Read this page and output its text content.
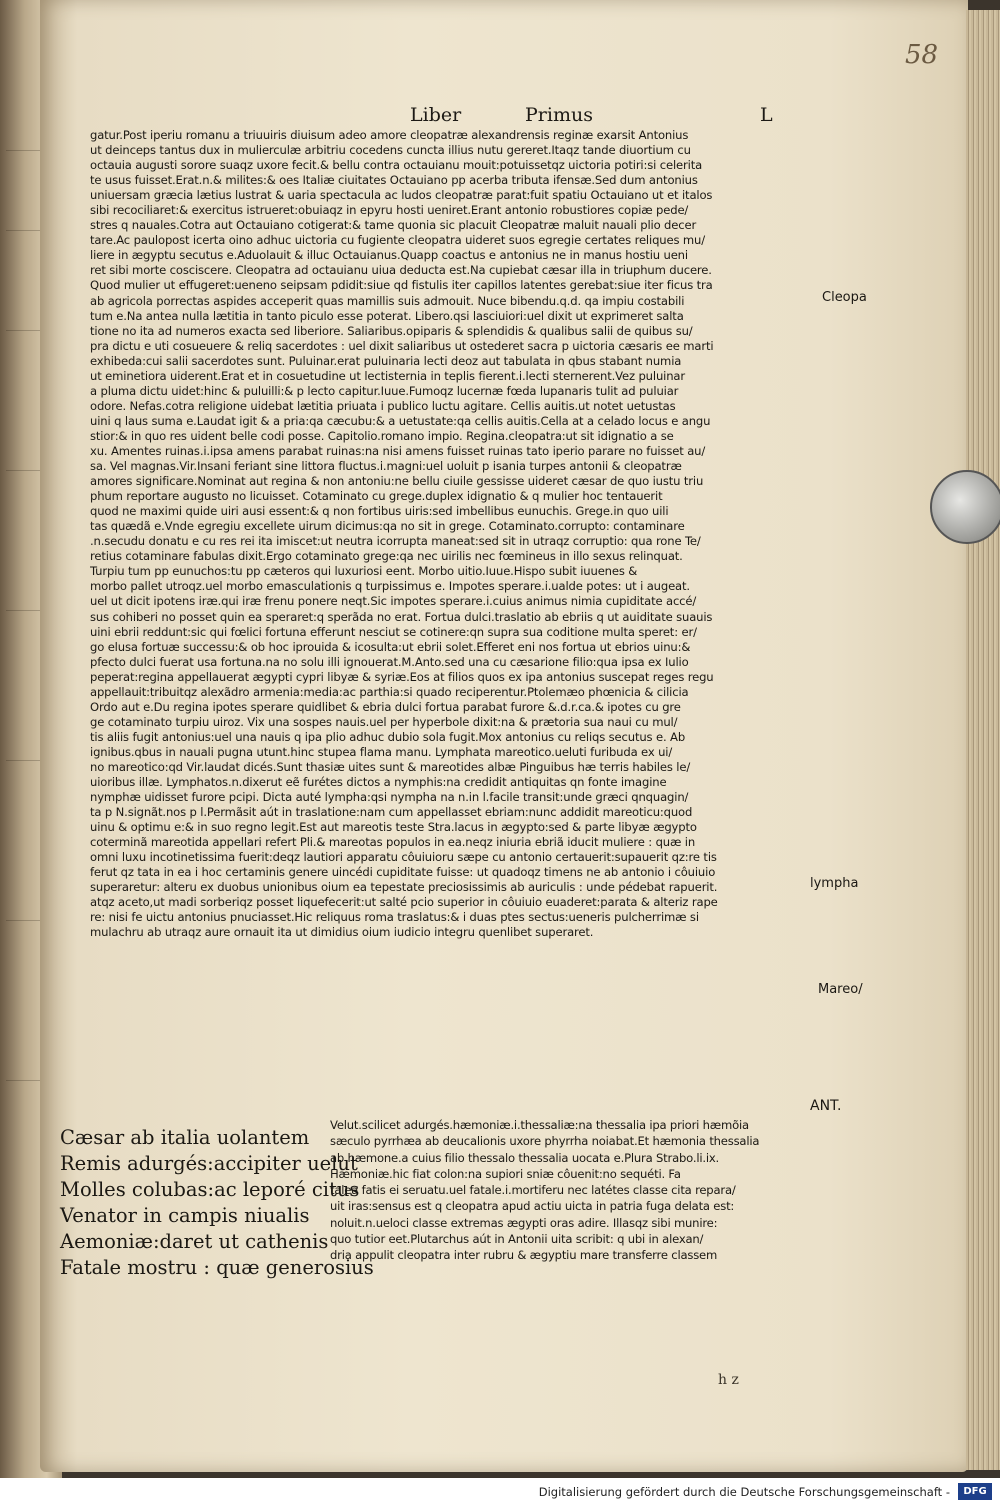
58
Liber	Primus	L
gatur.Post iperiu romanu a triuuiris diuisum adeo amore cleopatræ alexandrensis reginæ exarsit Antonius
ut deinceps tantus dux in mulierculæ arbitriu cocedens cuncta illius nutu gereret.Itaqz tande diuortium cu
octauia augusti sorore suaqz uxore fecit.& bellu contra octauianu mouit:potuissetqz uictoria potiri:si celerita
te usus fuisset.Erat.n.& milites:& oes Italiæ ciuitates Octauiano pp acerba tributa ifensæ.Sed dum antonius
uniuersam græcia lætius lustrat & uaria spectacula ac ludos cleopatræ parat:fuit spatiu Octauiano ut et italos
sibi recociliaret:& exercitus istrueret:obuiaqz in epyru hosti ueniret.Erant antonio robustiores copiæ pede/
stres q nauales.Cotra aut Octauiano cotigerat:& tame quonia sic placuit Cleopatræ maluit nauali plio decer
tare.Ac paulopost icerta oino adhuc uictoria cu fugiente cleopatra uideret suos egregie certates reliques mu/
liere in ægyptu secutus e.Aduolauit & illuc Octauianus.Quapp coactus e antonius ne in manus hostiu ueni
ret sibi morte cosciscere. Cleopatra ad octauianu uiua deducta est.Na cupiebat cæsar illa in triuphum ducere.
Quod mulier ut effugeret:ueneno seipsam pdidit:siue qd fistulis iter capillos latentes gerebat:siue iter ficus tra
ab agricola porrectas aspides acceperit quas mamillis suis admouit. Nuce bibendu.q.d. qa impiu costabili
tum e.Na antea nulla lætitia in tanto piculo esse poterat. Libero.qsi lasciuiori:uel dixit ut exprimeret salta
tione no ita ad numeros exacta sed liberiore. Saliaribus.opiparis & splendidis & qualibus salii de quibus su/
pra dictu e uti cosueuere & reliq sacerdotes : uel dixit saliaribus ut ostederet sacra p uictoria cæsaris ee marti
exhibeda:cui salii sacerdotes sunt. Puluinar.erat puluinaria lecti deoz aut tabulata in qbus stabant numia
ut eminetiora uiderent.Erat et in cosuetudine ut lectisternia in teplis fierent.i.lecti sternerent.Vez puluinar
a pluma dictu uidet:hinc & puluilli:& p lecto capitur.Iuue.Fumoqz lucernæ fœda lupanaris tulit ad puluiar
odore. Nefas.cotra religione uidebat lætitia priuata i publico luctu agitare. Cellis auitis.ut notet uetustas
uini q laus suma e.Laudat igit & a pria:qa cæcubu:& a uetustate:qa cellis auitis.Cella at a celado locus e angu
stior:& in quo res uident belle codi posse. Capitolio.romano impio. Regina.cleopatra:ut sit idignatio a se
xu. Amentes ruinas.i.ipsa amens parabat ruinas:na nisi amens fuisset ruinas tato iperio parare no fuisset au/
sa. Vel magnas.Vir.Insani feriant sine littora fluctus.i.magni:uel uoluit p isania turpes antonii & cleopatræ
amores significare.Nominat aut regina & non antoniu:ne bellu ciuile gessisse uideret cæsar de quo iustu triu
phum reportare augusto no licuisset. Cotaminato cu grege.duplex idignatio & q mulier hoc tentauerit
quod ne maximi quide uiri ausi essent:& q non fortibus uiris:sed imbellibus eunuchis. Grege.in quo uili
tas quædã e.Vnde egregiu excellete uirum dicimus:qa no sit in grege. Cotaminato.corrupto: contaminare
.n.secudu donatu e cu res rei ita imiscet:ut neutra icorrupta maneat:sed sit in utraqz corruptio: qua rone Te/
retius cotaminare fabulas dixit.Ergo cotaminato grege:qa nec uirilis nec fœmineus in illo sexus relinquat.
Turpiu tum pp eunuchos:tu pp cæteros qui luxuriosi eent. Morbo uitio.Iuue.Hispo subit iuuenes &
morbo pallet utroqz.uel morbo emasculationis q turpissimus e. Impotes sperare.i.ualde potes: ut i augeat.
uel ut dicit ipotens iræ.qui iræ frenu ponere neqt.Sic impotes sperare.i.cuius animus nimia cupiditate accé/
sus cohiberi no posset quin ea speraret:q sperãda no erat. Fortua dulci.traslatio ab ebriis q ut auiditate suauis
uini ebrii reddunt:sic qui fœlici fortuna efferunt nesciut se cotinere:qn supra sua coditione multa speret: er/
go elusa fortuæ successu:& ob hoc iprouida & icosulta:ut ebrii solet.Efferet eni nos fortua ut ebrios uinu:&
pfecto dulci fuerat usa fortuna.na no solu illi ignouerat.M.Anto.sed una cu cæsarione filio:qua ipsa ex Iulio
peperat:regina appellauerat ægypti cypri libyæ & syriæ.Eos at filios quos ex ipa antonius suscepat reges regu
appellauit:tribuitqz alexãdro armenia:media:ac parthia:si quado reciperentur.Ptolemæo phœnicia & cilicia
Ordo aut e.Du regina ipotes sperare quidlibet & ebria dulci fortua parabat furore &.d.r.ca.& ipotes cu gre
ge cotaminato turpiu uiroz. Vix una sospes nauis.uel per hyperbole dixit:na & prætoria sua naui cu mul/
tis aliis fugit antonius:uel una nauis q ipa plio adhuc dubio sola fugit.Mox antonius cu reliqs secutus e. Ab
ignibus.qbus in nauali pugna utunt.hinc stupea flama manu. Lymphata mareotico.ueluti furibuda ex ui/
no mareotico:qd Vir.laudat dicés.Sunt thasiæ uites sunt & mareotides albæ Pinguibus hæ terris habiles le/
uioribus illæ. Lymphatos.n.dixerut eẽ furétes dictos a nymphis:na credidit antiquitas qn fonte imagine
nymphæ uidisset furore pcipi. Dicta auté lympha:qsi nympha na n.in l.facile transit:unde græci qnquagin/
ta p N.signãt.nos p l.Permãsit aút in traslatione:nam cum appellasset ebriam:nunc addidit mareoticu:quod
uinu & optimu e:& in suo regno legit.Est aut mareotis teste Stra.lacus in ægypto:sed & parte libyæ ægypto
coterminã mareotida appellari refert Pli.& mareotas populos in ea.neqz iniuria ebriã iducit muliere : quæ in
omni luxu incotinetissima fuerit:deqz lautiori apparatu côuiuioru sæpe cu antonio certauerit:supauerit qz:re tis
ferut qz tata in ea i hoc certaminis genere uincédi cupiditate fuisse: ut quadoqz timens ne ab antonio i côuiuio
superaretur: alteru ex duobus unionibus oium ea tepestate preciosissimis ab auriculis : unde pédebat rapuerit.
atqz aceto,ut madi sorberiqz posset liquefecerit:ut salté pcio superior in côuiuio euaderet:parata & alteriz rape
re: nisi fe uictu antonius pnuciasset.Hic reliquus roma traslatus:& i duas ptes sectus:ueneris pulcherrimæ si
mulachru ab utraqz aure ornauit ita ut dimidius oium iudicio integru quenlibet superaret.
Cleopa
lympha
Mareo/
ANT.
Cæsar ab italia uolantem
Remis adurgés:accipiter uelut
Molles colubas:ac leporé citus
Venator in campis niualis
Aemoniæ:daret ut cathenis
Fatale mostru : quæ generosius
Velut.scilicet adurgés.hæmoniæ.i.thessaliæ:na thessalia ipa priori hæmõia
sæculo pyrrhæa ab deucalionis uxore phyrrha noiabat.Et hæmonia thessalia
ab hæmone.a cuius filio thessalo thessalia uocata e.Plura Strabo.li.ix.
Hæmoniæ.hic fiat colon:na supiori sniæ côuenit:no sequéti. Fa
talea fatis ei seruatu.uel fatale.i.mortiferu nec latétes classe cita repara/
uit iras:sensus est q cleopatra apud actiu uicta in patria fuga delata est:
noluit.n.ueloci classe extremas ægypti oras adire. Illasqz sibi munire:
quo tutior eet.Plutarchus aút in Antonii uita scribit: q ubi in alexan/
dria appulit cleopatra inter rubru & ægyptiu mare transferre classem
h z
Digitalisierung gefördert durch die Deutsche Forschungsgemeinschaft -	DFG
